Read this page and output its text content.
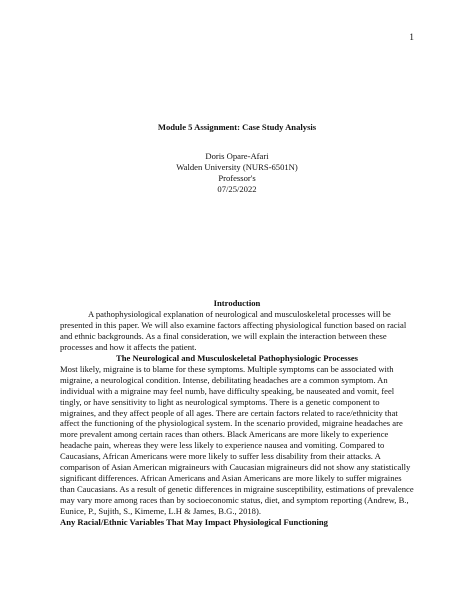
1
Module 5 Assignment: Case Study Analysis
Doris Opare-Afari
Walden University (NURS-6501N)
Professor's
07/25/2022
Introduction

A pathophysiological explanation of neurological and musculoskeletal processes will be presented in this paper. We will also examine factors affecting physiological function based on racial and ethnic backgrounds. As a final consideration, we will explain the interaction between these processes and how it affects the patient.

The Neurological and Musculoskeletal Pathophysiologic Processes

Most likely, migraine is to blame for these symptoms. Multiple symptoms can be associated with migraine, a neurological condition. Intense, debilitating headaches are a common symptom. An individual with a migraine may feel numb, have difficulty speaking, be nauseated and vomit, feel tingly, or have sensitivity to light as neurological symptoms. There is a genetic component to migraines, and they affect people of all ages. There are certain factors related to race/ethnicity that affect the functioning of the physiological system. In the scenario provided, migraine headaches are more prevalent among certain races than others. Black Americans are more likely to experience headache pain, whereas they were less likely to experience nausea and vomiting. Compared to Caucasians, African Americans were more likely to suffer less disability from their attacks. A comparison of Asian American migraineurs with Caucasian migraineurs did not show any statistically significant differences. African Americans and Asian Americans are more likely to suffer migraines than Caucasians. As a result of genetic differences in migraine susceptibility, estimations of prevalence may vary more among races than by socioeconomic status, diet, and symptom reporting (Andrew, B., Eunice, P., Sujith, S., Kimeme, L.H & James, B.G., 2018).

Any Racial/Ethnic Variables That May Impact Physiological Functioning
